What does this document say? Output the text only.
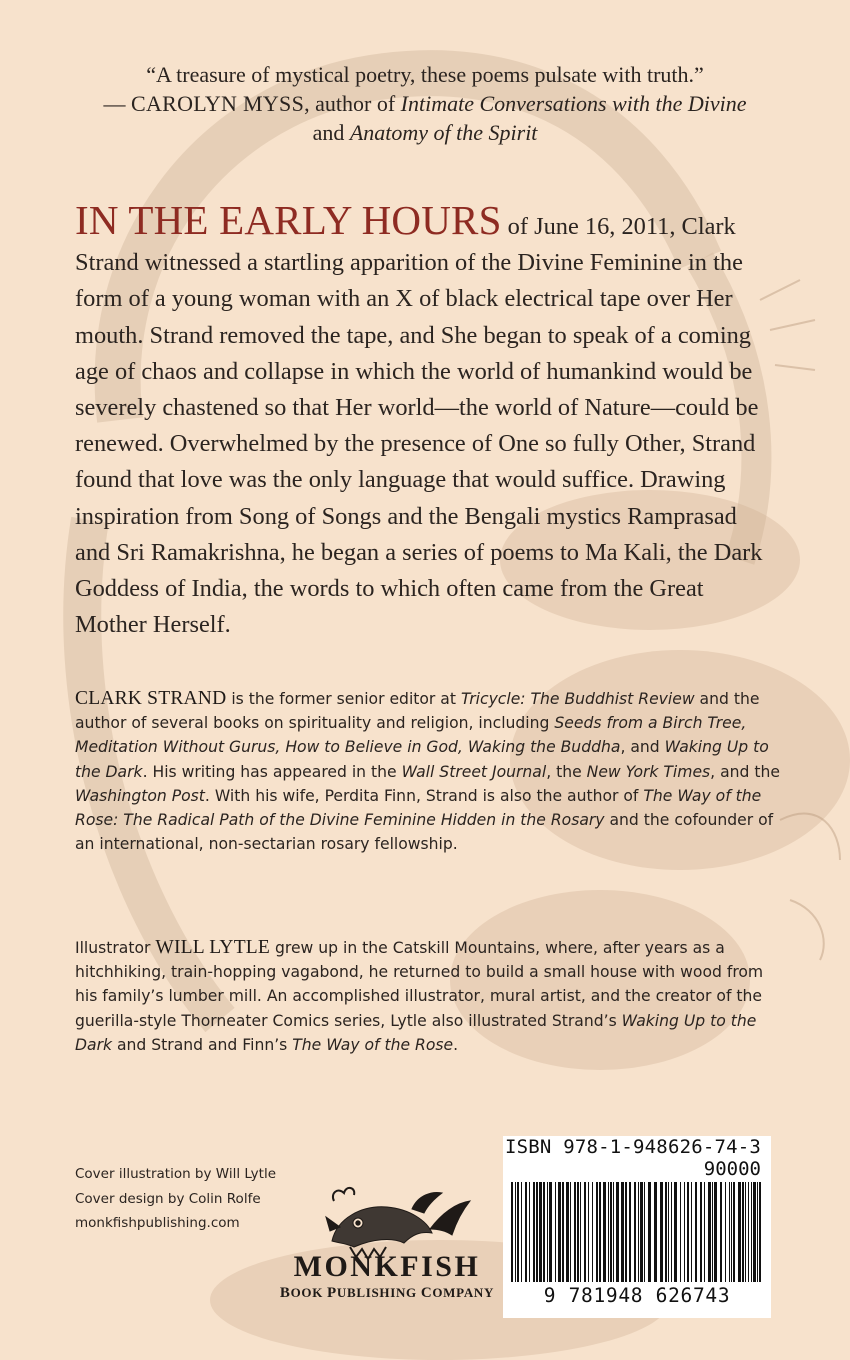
“A treasure of mystical poetry, these poems pulsate with truth.”
— CAROLYN MYSS, author of Intimate Conversations with the Divine
and Anatomy of the Spirit
IN THE EARLY HOURS of June 16, 2011, Clark Strand witnessed a startling apparition of the Divine Feminine in the form of a young woman with an X of black electrical tape over Her mouth. Strand removed the tape, and She began to speak of a coming age of chaos and collapse in which the world of humankind would be severely chastened so that Her world—the world of Nature—could be renewed. Overwhelmed by the presence of One so fully Other, Strand found that love was the only language that would suffice. Drawing inspiration from Song of Songs and the Bengali mystics Ramprasad and Sri Ramakrishna, he began a series of poems to Ma Kali, the Dark Goddess of India, the words to which often came from the Great Mother Herself.
CLARK STRAND is the former senior editor at Tricycle: The Buddhist Review and the author of several books on spirituality and religion, including Seeds from a Birch Tree, Meditation Without Gurus, How to Believe in God, Waking the Buddha, and Waking Up to the Dark. His writing has appeared in the Wall Street Journal, the New York Times, and the Washington Post. With his wife, Perdita Finn, Strand is also the author of The Way of the Rose: The Radical Path of the Divine Feminine Hidden in the Rosary and the cofounder of an international, non-sectarian rosary fellowship.
Illustrator WILL LYTLE grew up in the Catskill Mountains, where, after years as a hitchhiking, train-hopping vagabond, he returned to build a small house with wood from his family’s lumber mill. An accomplished illustrator, mural artist, and the creator of the guerilla-style Thorneater Comics series, Lytle also illustrated Strand’s Waking Up to the Dark and Strand and Finn’s The Way of the Rose.
Cover illustration by Will Lytle
Cover design by Colin Rolfe
monkfishpublishing.com
MONKFISH
BOOK PUBLISHING COMPANY
ISBN 978-1-948626-74-3
90000
9 781948 626743
